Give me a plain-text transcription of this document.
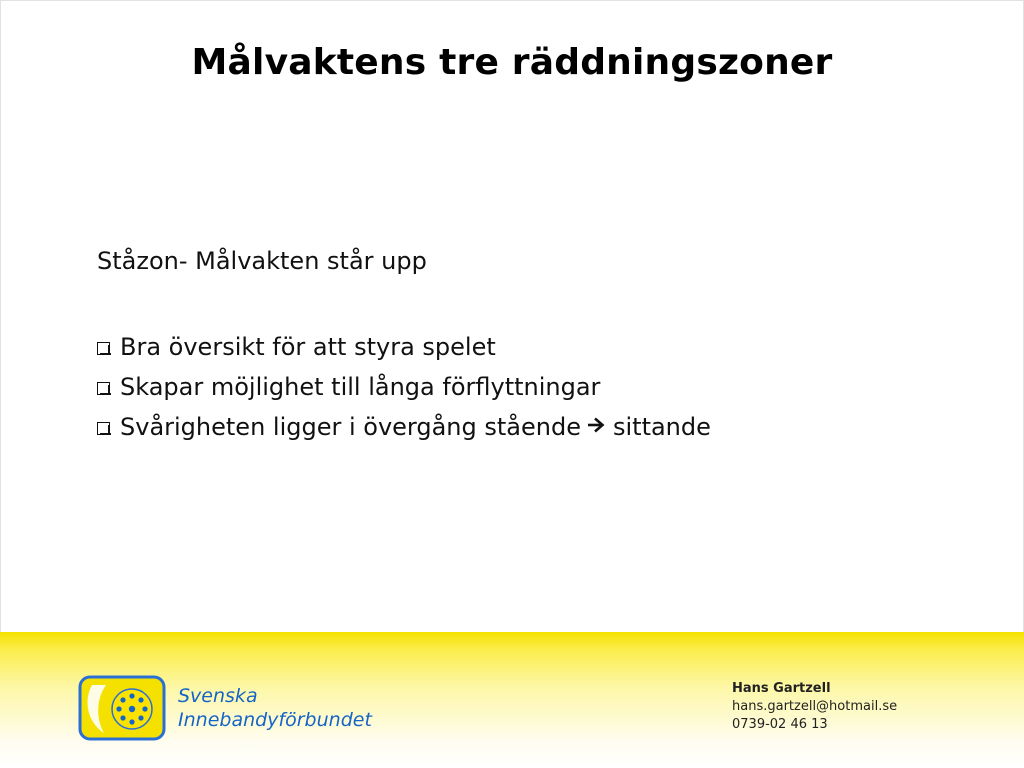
Målvaktens tre räddningszoner
Ståzon- Målvakten står upp
Bra översikt för att styra spelet
Skapar möjlighet till långa förflyttningar
Svårigheten ligger i övergång stående sittande
Svenska
Innebandyförbundet
Hans Gartzell
hans.gartzell@hotmail.se
0739-02 46 13
